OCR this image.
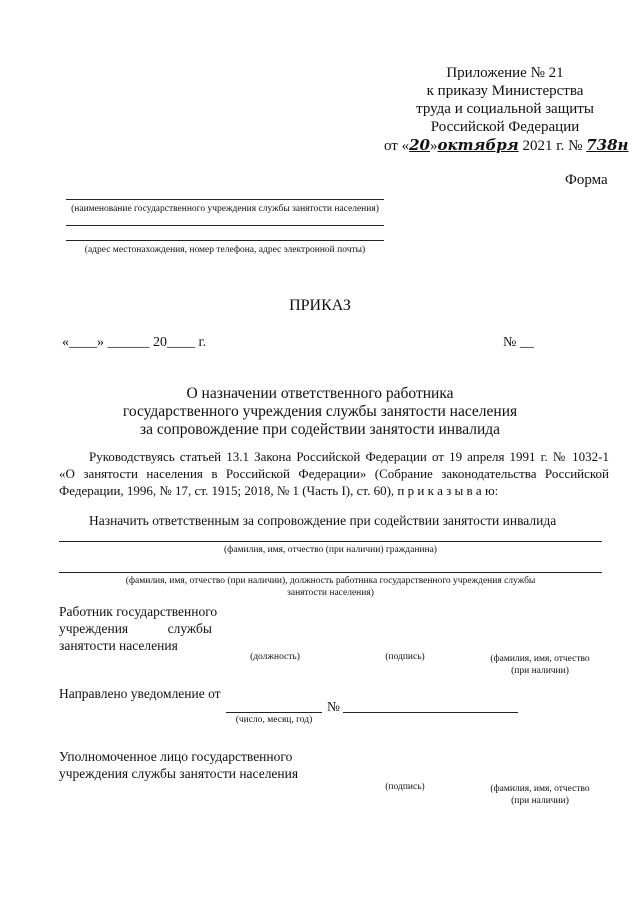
Приложение № 21
к приказу Министерства
труда и социальной защиты
Российской Федерации
от «20»октября 2021 г. № 738н
Форма
(наименование государственного учреждения службы занятости населения)
(адрес местонахождения, номер телефона, адрес электронной почты)
ПРИКАЗ
«____» ______ 20____ г.	№ __
О назначении ответственного работника
государственного учреждения службы занятости населения
за сопровождение при содействии занятости инвалида
Руководствуясь статьей 13.1 Закона Российской Федерации от 19 апреля 1991 г. № 1032-1
«О занятости населения в Российской Федерации» (Собрание законодательства Российской
Федерации, 1996, № 17, ст. 1915; 2018, № 1 (Часть I), ст. 60), п р и к а з ы в а ю:
Назначить ответственным за сопровождение при содействии занятости инвалида
(фамилия, имя, отчество (при наличии) гражданина)
(фамилия, имя, отчество (при наличии), должность работника государственного учреждения службы
занятости населения)
Работник государственного
учреждения службы
занятости населения
(должность)	(подпись)	(фамилия, имя, отчество
(при наличии)
Направлено уведомление от
№
(число, месяц, год)
Уполномоченное лицо государственного
учреждения службы занятости населения
(подпись)	(фамилия, имя, отчество
(при наличии)
